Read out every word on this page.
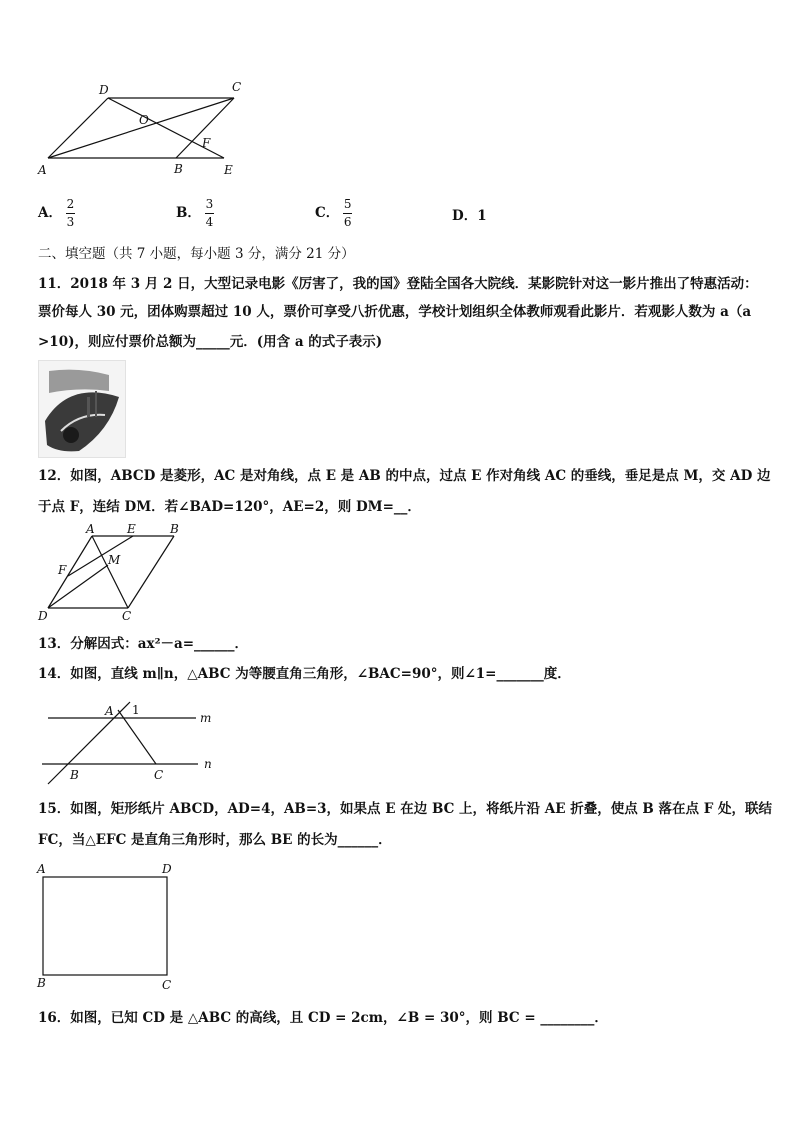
D	C
O
F
A	B	E
A． $\frac{2}{3}$	B． $\frac{3}{4}$	C． $\frac{5}{6}$	D．1
二、填空题（共 7 小题，每小题 3 分，满分 21 分）
11．2018 年 3 月 2 日，大型记录电影《厉害了，我的国》登陆全国各大院线．某影院针对这一影片推出了特惠活动：
票价每人 30 元，团体购票超过 10 人，票价可享受八折优惠，学校计划组织全体教师观看此影片．若观影人数为 a（a
>10)，则应付票价总额为_____元．(用含 a 的式子表示)
12．如图，ABCD 是菱形，AC 是对角线，点 E 是 AB 的中点，过点 E 作对角线 AC 的垂线，垂足是点 M，交 AD 边
于点 F，连结 DM．若∠BAD=120°，AE=2，则 DM=__．
A	E	B
F
M
D	C
13．分解因式：ax²－a=______．
14．如图，直线 m∥n，△ABC 为等腰直角三角形，∠BAC=90°，则∠1=_______度．
A 1
m
n
B	C
15．如图，矩形纸片 ABCD，AD=4，AB=3，如果点 E 在边 BC 上，将纸片沿 AE 折叠，使点 B 落在点 F 处，联结
FC，当△EFC 是直角三角形时，那么 BE 的长为______．
A	D
B	C
16．如图，已知 CD 是 △ABC 的高线，且 CD = 2cm，∠B = 30°，则 BC = ________．
